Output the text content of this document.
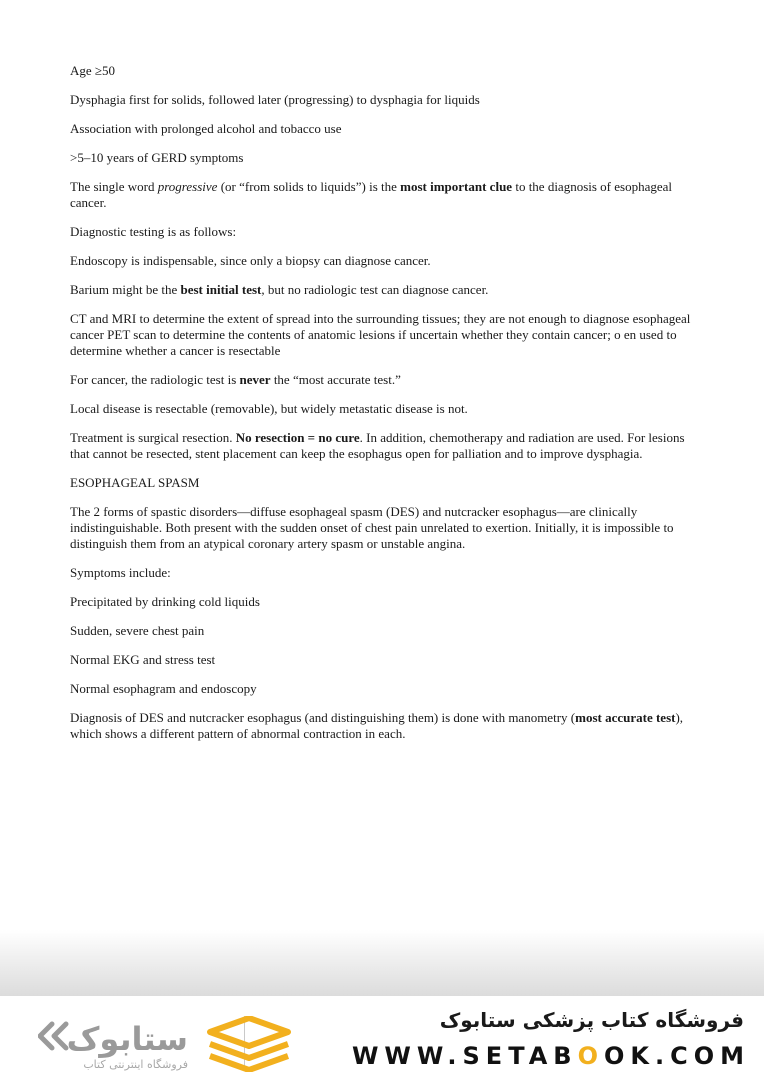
Age ≥50

Dysphagia first for solids, followed later (progressing) to dysphagia for liquids

Association with prolonged alcohol and tobacco use

>5–10 years of GERD symptoms

The single word progressive (or “from solids to liquids”) is the most important clue to the diagnosis of esophageal cancer.

Diagnostic testing is as follows:

Endoscopy is indispensable, since only a biopsy can diagnose cancer.

Barium might be the best initial test, but no radiologic test can diagnose cancer.

CT and MRI to determine the extent of spread into the surrounding tissues; they are not enough to diagnose esophageal cancer PET scan to determine the contents of anatomic lesions if uncertain whether they contain cancer; o en used to determine whether a cancer is resectable

For cancer, the radiologic test is never the “most accurate test.”

Local disease is resectable (removable), but widely metastatic disease is not.

Treatment is surgical resection. No resection = no cure. In addition, chemotherapy and radiation are used. For lesions that cannot be resected, stent placement can keep the esophagus open for palliation and to improve dysphagia.

ESOPHAGEAL SPASM

The 2 forms of spastic disorders—diffuse esophageal spasm (DES) and nutcracker esophagus—are clinically indistinguishable. Both present with the sudden onset of chest pain unrelated to exertion. Initially, it is impossible to distinguish them from an atypical coronary artery spasm or unstable angina.

Symptoms include:

Precipitated by drinking cold liquids

Sudden, severe chest pain

Normal EKG and stress test

Normal esophagram and endoscopy

Diagnosis of DES and nutcracker esophagus (and distinguishing them) is done with manometry (most accurate test), which shows a different pattern of abnormal contraction in each.

ستابوک
فروشگاه اینترنتی کتاب
فروشگاه کتاب پزشکی ستابوک
WWW.SETABOOK.COM
